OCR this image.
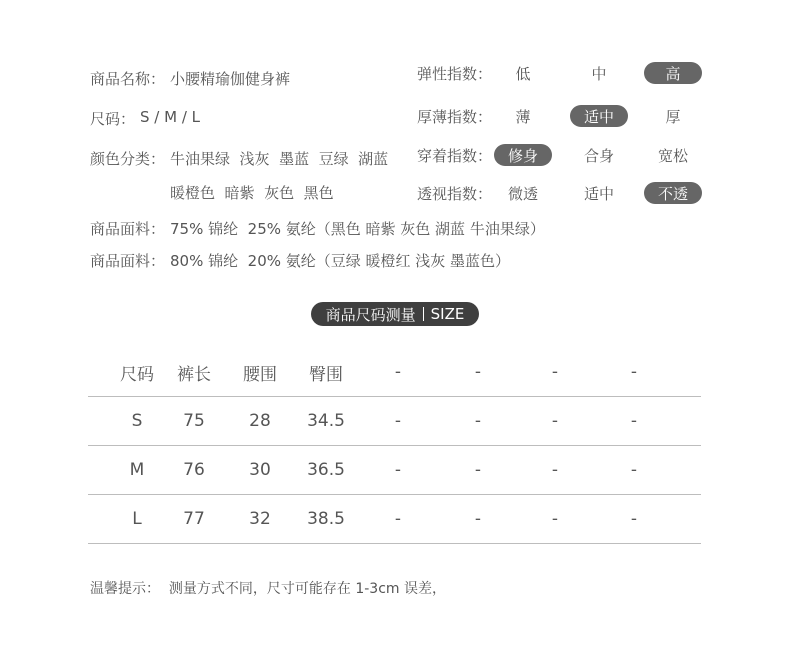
商品名称： 小腰精瑜伽健身裤
尺码： S / M / L
颜色分类： 牛油果绿  浅灰  墨蓝  豆绿  湖蓝
暖橙色  暗紫  灰色  黑色
商品面料： 75% 锦纶  25% 氨纶（黑色 暗紫 灰色 湖蓝 牛油果绿）
商品面料： 80% 锦纶  20% 氨纶（豆绿 暖橙红 浅灰 墨蓝色）
弹性指数：	低	中	高
厚薄指数：	薄	适中	厚
穿着指数：	修身	合身	宽松
透视指数：	微透	适中	不透
商品尺码测量 SIZE
尺码	裤长	腰围	臀围	-	-	-	-
S	75	28	34.5	-	-	-	-
M	76	30	36.5	-	-	-	-
L	77	32	38.5	-	-	-	-
温馨提示：  测量方式不同，尺寸可能存在 1-3cm 误差，
